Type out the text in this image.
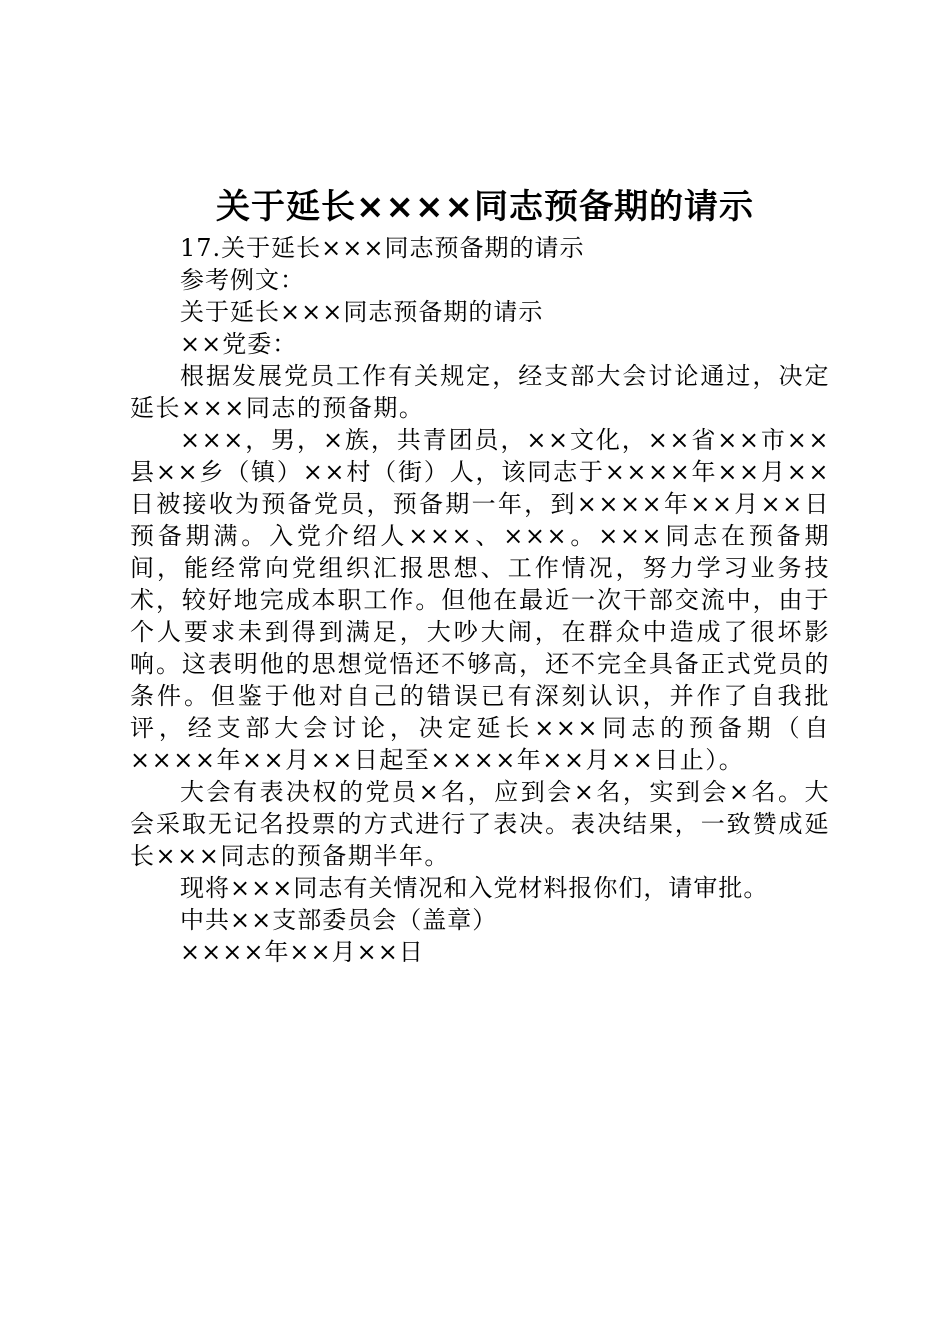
关于延长××××同志预备期的请示

17.关于延长×××同志预备期的请示

参考例文：

关于延长×××同志预备期的请示

××党委：

根据发展党员工作有关规定，经支部大会讨论通过，决定延长×××同志的预备期。

×××，男，×族，共青团员，××文化，××省××市××县××乡（镇）××村（街）人，该同志于××××年××月××日被接收为预备党员，预备期一年，到××××年××月××日预备期满。入党介绍人×××、×××。×××同志在预备期间，能经常向党组织汇报思想、工作情况，努力学习业务技术，较好地完成本职工作。但他在最近一次干部交流中，由于个人要求未到得到满足，大吵大闹，在群众中造成了很坏影响。这表明他的思想觉悟还不够高，还不完全具备正式党员的条件。但鉴于他对自己的错误已有深刻认识，并作了自我批评，经支部大会讨论，决定延长×××同志的预备期（自××××年××月××日起至××××年××月××日止）。

大会有表决权的党员×名，应到会×名，实到会×名。大会采取无记名投票的方式进行了表决。表决结果，一致赞成延长×××同志的预备期半年。

现将×××同志有关情况和入党材料报你们，请审批。

中共××支部委员会（盖章）

××××年××月××日
